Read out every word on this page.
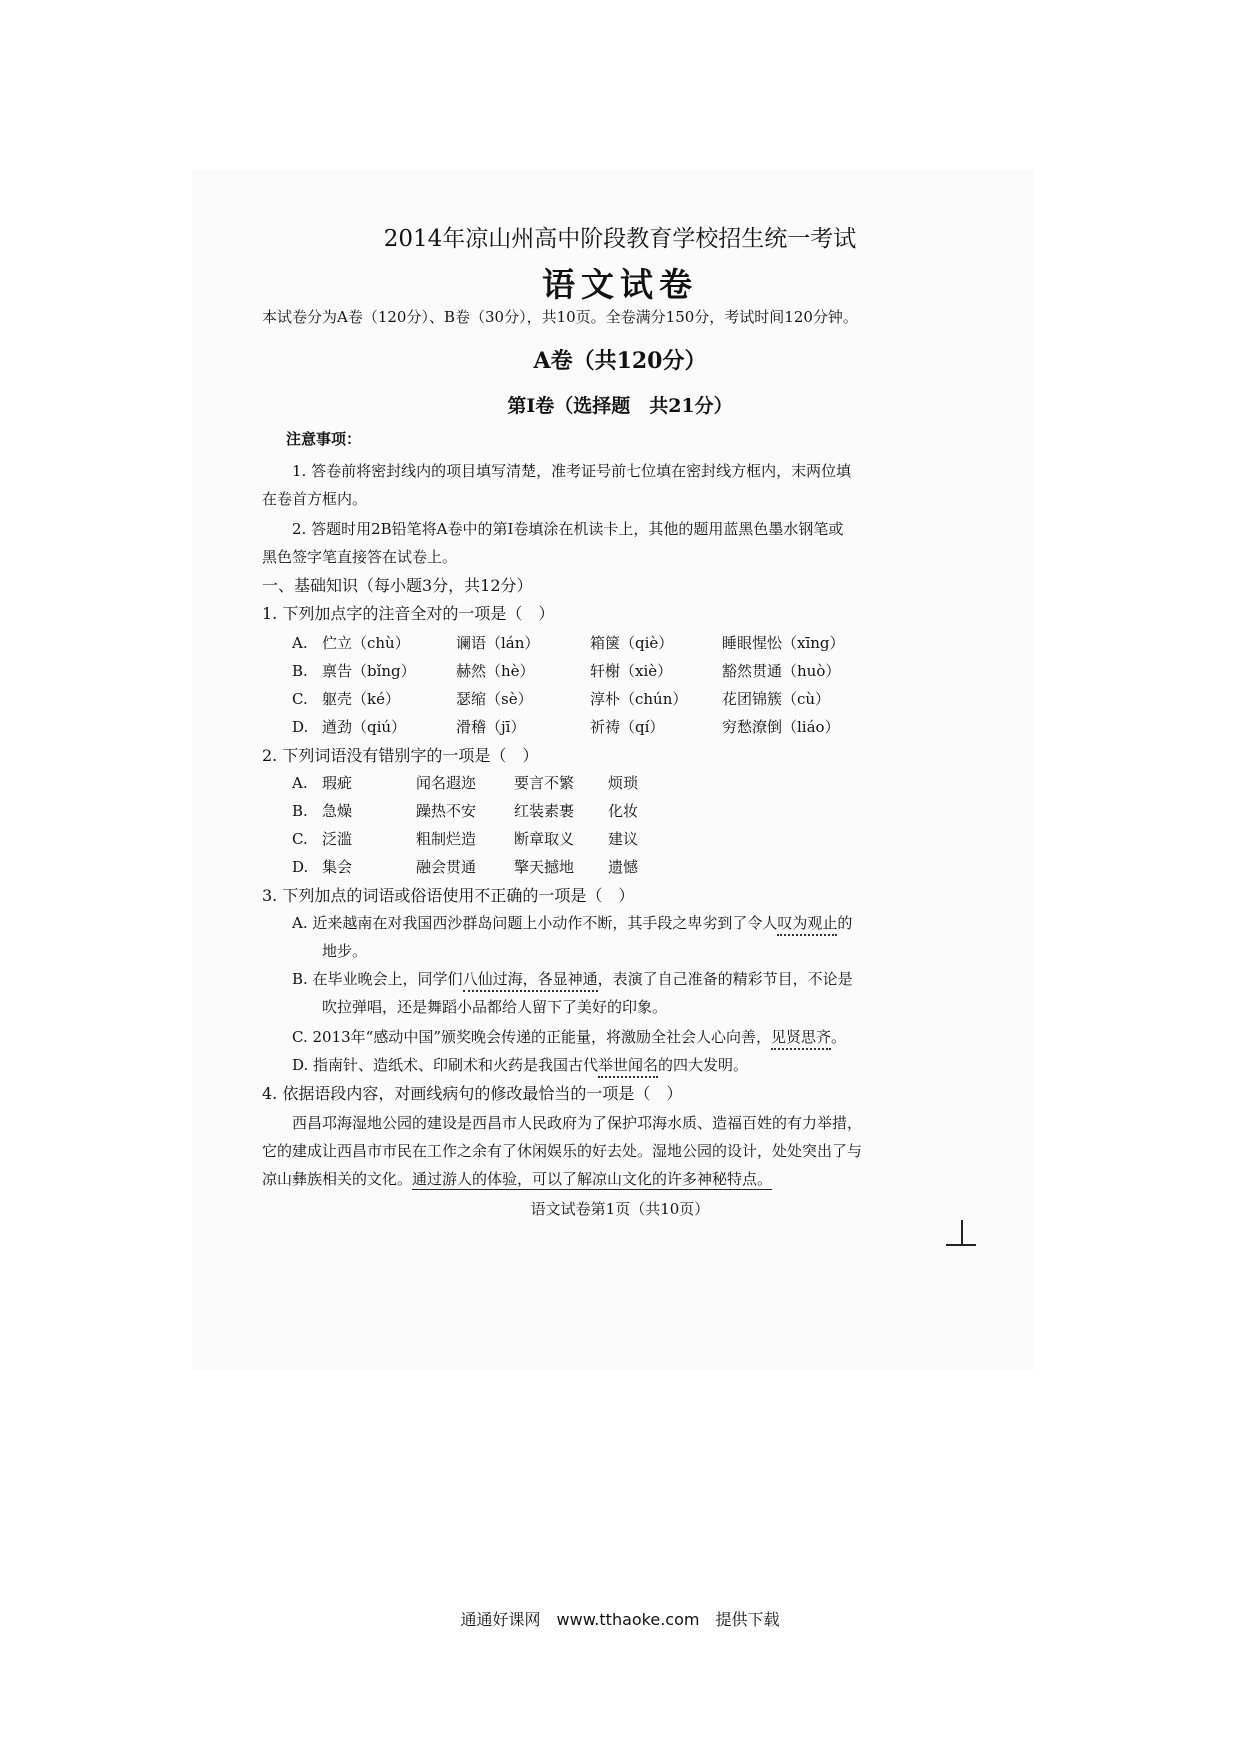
2014年凉山州高中阶段教育学校招生统一考试
语文试卷
本试卷分为A卷（120分）、B卷（30分），共10页。全卷满分150分，考试时间120分钟。
A卷（共120分）
第Ⅰ卷（选择题　共21分）
注意事项：
1. 答卷前将密封线内的项目填写清楚，准考证号前七位填在密封线方框内，末两位填
在卷首方框内。
2. 答题时用2B铅笔将A卷中的第Ⅰ卷填涂在机读卡上，其他的题用蓝黑色墨水钢笔或
黑色签字笔直接答在试卷上。
一、基础知识（每小题3分，共12分）
1. 下列加点字的注音全对的一项是（　）
A. 伫立（chù）	谰语（lán）	箱箧（qiè）	睡眼惺忪（xīng）
B. 禀告（bǐng）	赫然（hè）	轩榭（xiè）	豁然贯通（huò）
C. 躯壳（ké）	瑟缩（sè）	淳朴（chún） 花团锦簇（cù）
D. 遒劲（qiú）	滑稽（jī）	祈祷（qí）	穷愁潦倒（liáo）
2. 下列词语没有错别字的一项是（　）
A. 瑕疵	闻名遐迩	要言不繁 烦琐
B. 急燥	躁热不安	红装素裹 化妆
C. 泛滥	粗制烂造	断章取义 建议
D. 集会	融会贯通	擎天撼地 遗憾
3. 下列加点的词语或俗语使用不正确的一项是（　）
A. 近来越南在对我国西沙群岛问题上小动作不断，其手段之卑劣到了令人叹为观止的
地步。
B. 在毕业晚会上，同学们八仙过海，各显神通，表演了自己准备的精彩节目，不论是
吹拉弹唱，还是舞蹈小品都给人留下了美好的印象。
C. 2013年“感动中国”颁奖晚会传递的正能量，将激励全社会人心向善，见贤思齐。
D. 指南针、造纸术、印刷术和火药是我国古代举世闻名的四大发明。
4. 依据语段内容，对画线病句的修改最恰当的一项是（　）
西昌邛海湿地公园的建设是西昌市人民政府为了保护邛海水质、造福百姓的有力举措，
它的建成让西昌市市民在工作之余有了休闲娱乐的好去处。湿地公园的设计，处处突出了与
凉山彝族相关的文化。通过游人的体验，可以了解凉山文化的许多神秘特点。
语文试卷第1页（共10页）
通通好课网　www.tthaoke.com　提供下载
